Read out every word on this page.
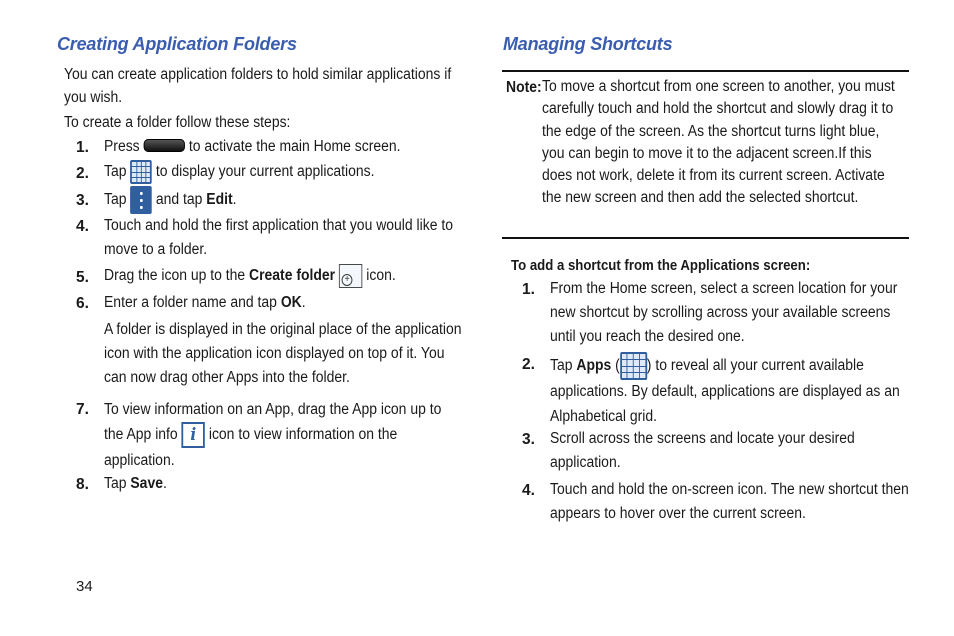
Creating Application Folders
You can create application folders to hold similar applications if you wish.
To create a folder follow these steps:
1. Press	to activate the main Home screen.
2. Tap to display your current applications.
3. Tap and tap Edit.
4. Touch and hold the first application that you would like to move to a folder.
5. Drag the icon up to the Create folder + icon.
6. Enter a folder name and tap OK.
A folder is displayed in the original place of the application icon with the application icon displayed on top of it. You can now drag other Apps into the folder.
7. To view information on an App, drag the App icon up to the App info i icon to view information on the application.
8. Tap Save.
Managing Shortcuts
Note: To move a shortcut from one screen to another, you must carefully touch and hold the shortcut and slowly drag it to the edge of the screen. As the shortcut turns light blue, you can begin to move it to the adjacent screen.If this does not work, delete it from its current screen. Activate the new screen and then add the selected shortcut.
To add a shortcut from the Applications screen:
1. From the Home screen, select a screen location for your new shortcut by scrolling across your available screens until you reach the desired one.
2. Tap Apps ( ) to reveal all your current available applications. By default, applications are displayed as an Alphabetical grid.
3. Scroll across the screens and locate your desired application.
4. Touch and hold the on-screen icon. The new shortcut then appears to hover over the current screen.
34
